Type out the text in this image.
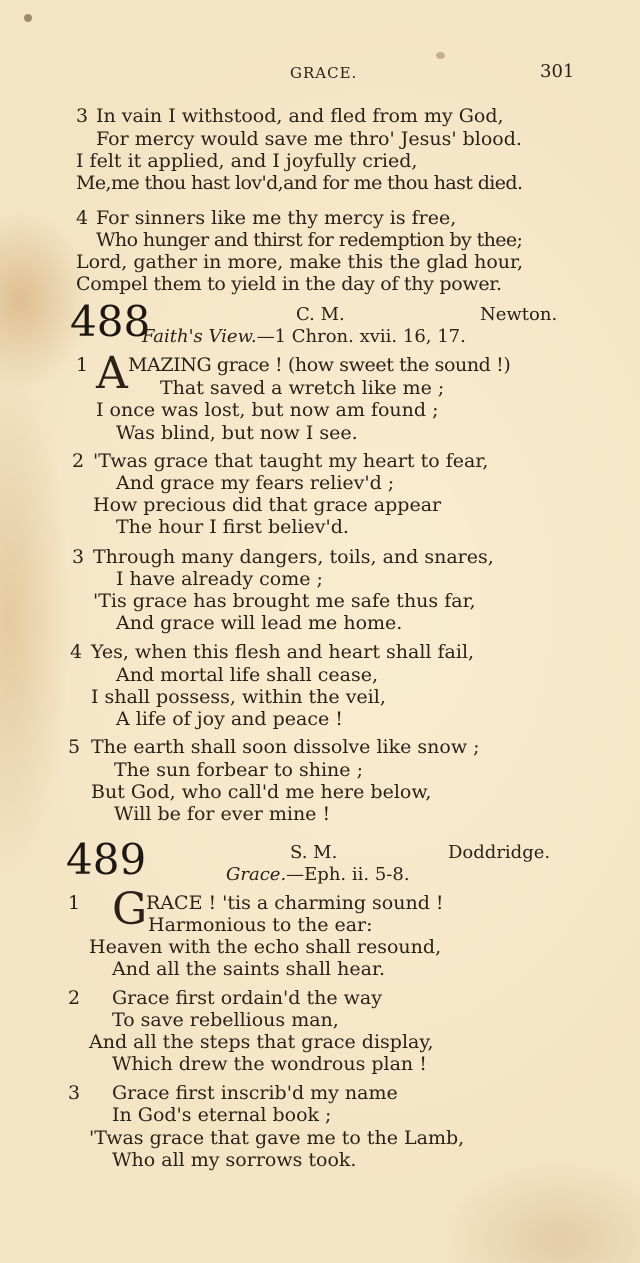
GRACE.	301
3 In vain I withstood, and fled from my God,
For mercy would save me thro' Jesus' blood.
I felt it applied, and I joyfully cried,
Me,me thou hast lov'd,and for me thou hast died.
4 For sinners like me thy mercy is free,
Who hunger and thirst for redemption by thee;
Lord, gather in more, make this the glad hour,
Compel them to yield in the day of thy power.
488	C. M.	Newton.
Faith's View.—1 Chron. xvii. 16, 17.
1 A MAZING grace ! (how sweet the sound !)
That saved a wretch like me ;
I once was lost, but now am found ;
Was blind, but now I see.
2 'Twas grace that taught my heart to fear,
And grace my fears reliev'd ;
How precious did that grace appear
The hour I first believ'd.
3 Through many dangers, toils, and snares,
I have already come ;
'Tis grace has brought me safe thus far,
And grace will lead me home.
4 Yes, when this flesh and heart shall fail,
And mortal life shall cease,
I shall possess, within the veil,
A life of joy and peace !
5 The earth shall soon dissolve like snow ;
The sun forbear to shine ;
But God, who call'd me here below,
Will be for ever mine !
489	S. M.	Doddridge.
Grace.—Eph. ii. 5-8.
1 G
RACE ! 'tis a charming sound !
Harmonious to the ear:
Heaven with the echo shall resound,
And all the saints shall hear.
2 Grace first ordain'd the way
To save rebellious man,
And all the steps that grace display,
Which drew the wondrous plan !
3 Grace first inscrib'd my name
In God's eternal book ;
'Twas grace that gave me to the Lamb,
Who all my sorrows took.
